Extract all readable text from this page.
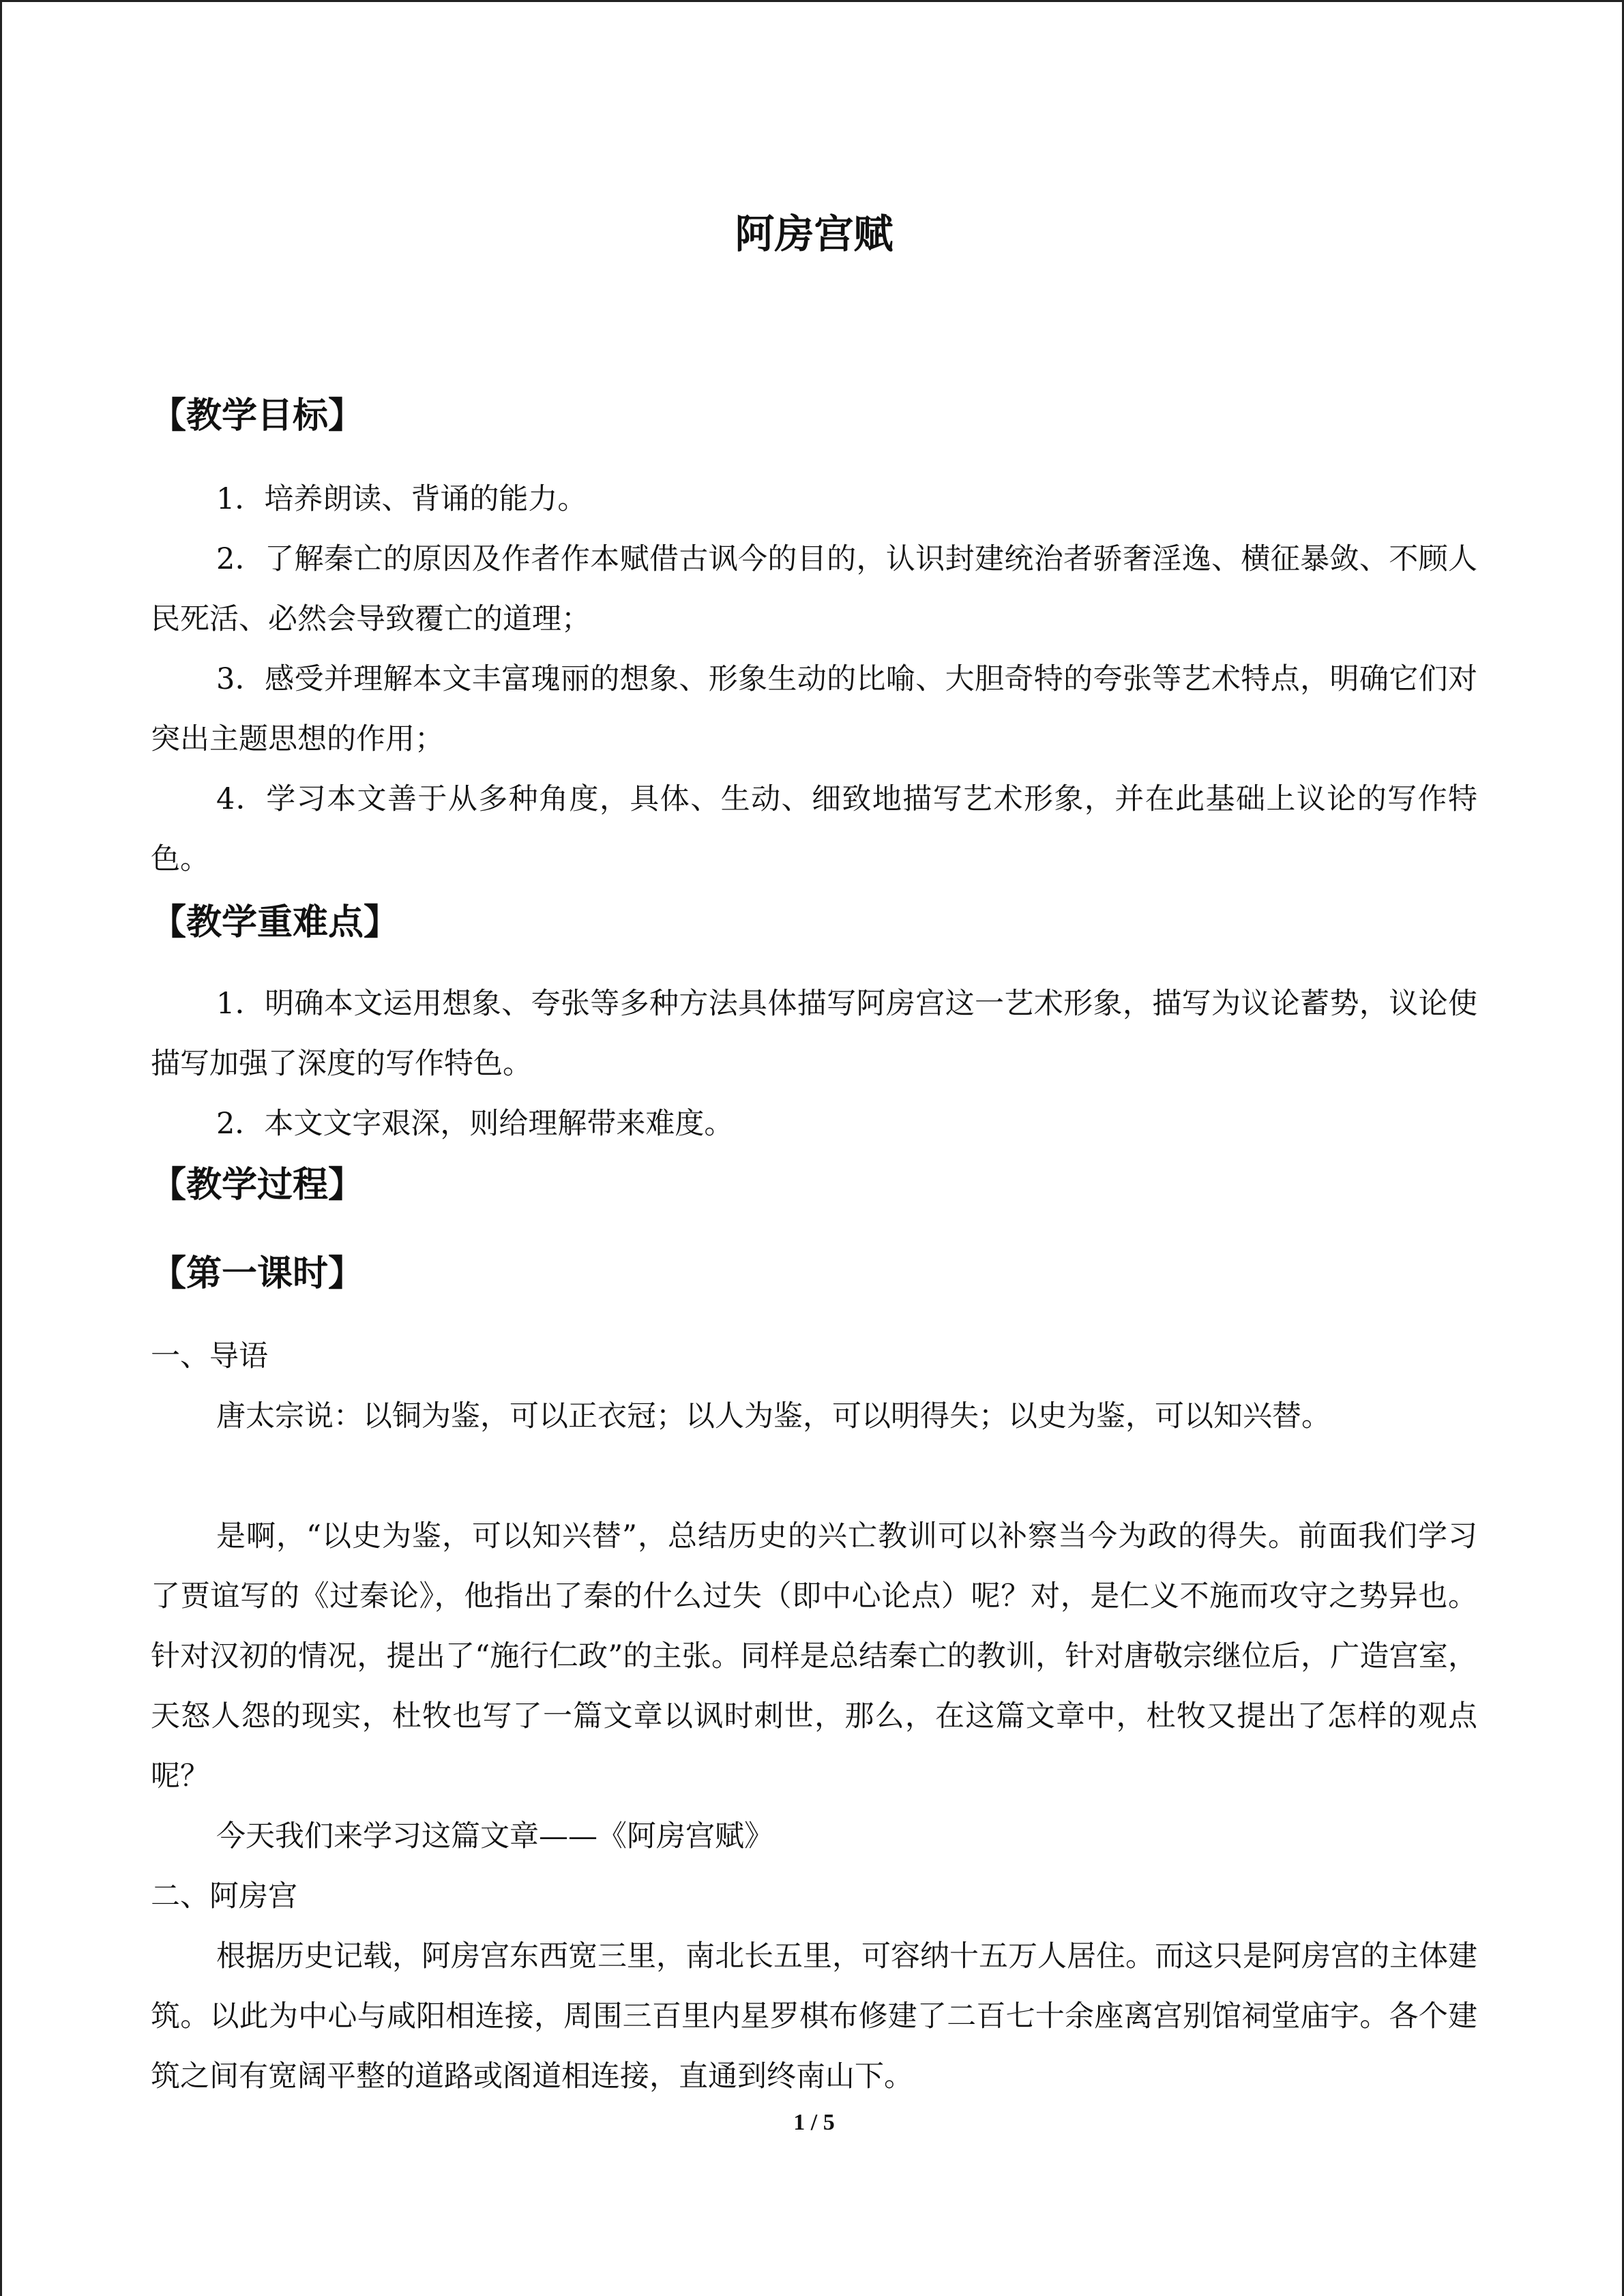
阿房宫赋
【教学目标】
1．培养朗读、背诵的能力。
2．了解秦亡的原因及作者作本赋借古讽今的目的，认识封建统治者骄奢淫逸、横征暴敛、不顾人民死活、必然会导致覆亡的道理；
3．感受并理解本文丰富瑰丽的想象、形象生动的比喻、大胆奇特的夸张等艺术特点，明确它们对突出主题思想的作用；
4．学习本文善于从多种角度，具体、生动、细致地描写艺术形象，并在此基础上议论的写作特色。
【教学重难点】
1．明确本文运用想象、夸张等多种方法具体描写阿房宫这一艺术形象，描写为议论蓄势，议论使描写加强了深度的写作特色。
2．本文文字艰深，则给理解带来难度。
【教学过程】
【第一课时】
一、导语
唐太宗说：以铜为鉴，可以正衣冠；以人为鉴，可以明得失；以史为鉴，可以知兴替。
是啊，“以史为鉴，可以知兴替”，总结历史的兴亡教训可以补察当今为政的得失。前面我们学习了贾谊写的《过秦论》，他指出了秦的什么过失（即中心论点）呢？对，是仁义不施而攻守之势异也。针对汉初的情况，提出了“施行仁政”的主张。同样是总结秦亡的教训，针对唐敬宗继位后，广造宫室，天怒人怨的现实，杜牧也写了一篇文章以讽时刺世，那么，在这篇文章中，杜牧又提出了怎样的观点呢？
今天我们来学习这篇文章——《阿房宫赋》
二、阿房宫
根据历史记载，阿房宫东西宽三里，南北长五里，可容纳十五万人居住。而这只是阿房宫的主体建筑。以此为中心与咸阳相连接，周围三百里内星罗棋布修建了二百七十余座离宫别馆祠堂庙宇。各个建筑之间有宽阔平整的道路或阁道相连接，直通到终南山下。
1 / 5
